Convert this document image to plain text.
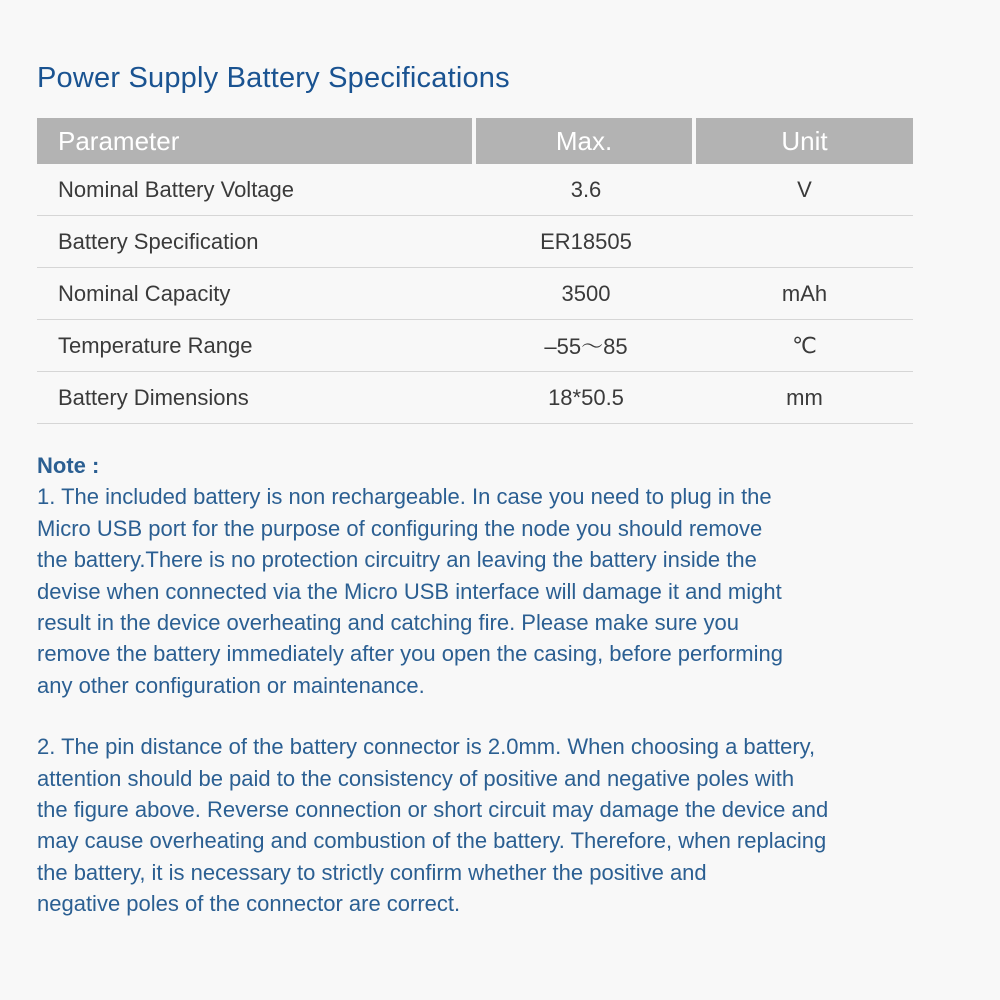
Power Supply Battery Specifications
Parameter	Max.	Unit
Nominal Battery Voltage	3.6	V
Battery Specification	ER18505
Nominal Capacity	3500	mAh
Temperature Range	–55～85	℃
Battery Dimensions	18*50.5	mm

Note :

1. The included battery is non rechargeable. In case you need to plug in the
Micro USB port for the purpose of configuring the node you should remove
the battery.There is no protection circuitry an leaving the battery inside the
devise when connected via the Micro USB interface will damage it and might
result in the device overheating and catching fire. Please make sure you
remove the battery immediately after you open the casing, before performing
any other configuration or maintenance.

2. The pin distance of the battery connector is 2.0mm. When choosing a battery,
attention should be paid to the consistency of positive and negative poles with
the figure above. Reverse connection or short circuit may damage the device and
may cause overheating and combustion of the battery. Therefore, when replacing
the battery, it is necessary to strictly confirm whether the positive and
negative poles of the connector are correct.
